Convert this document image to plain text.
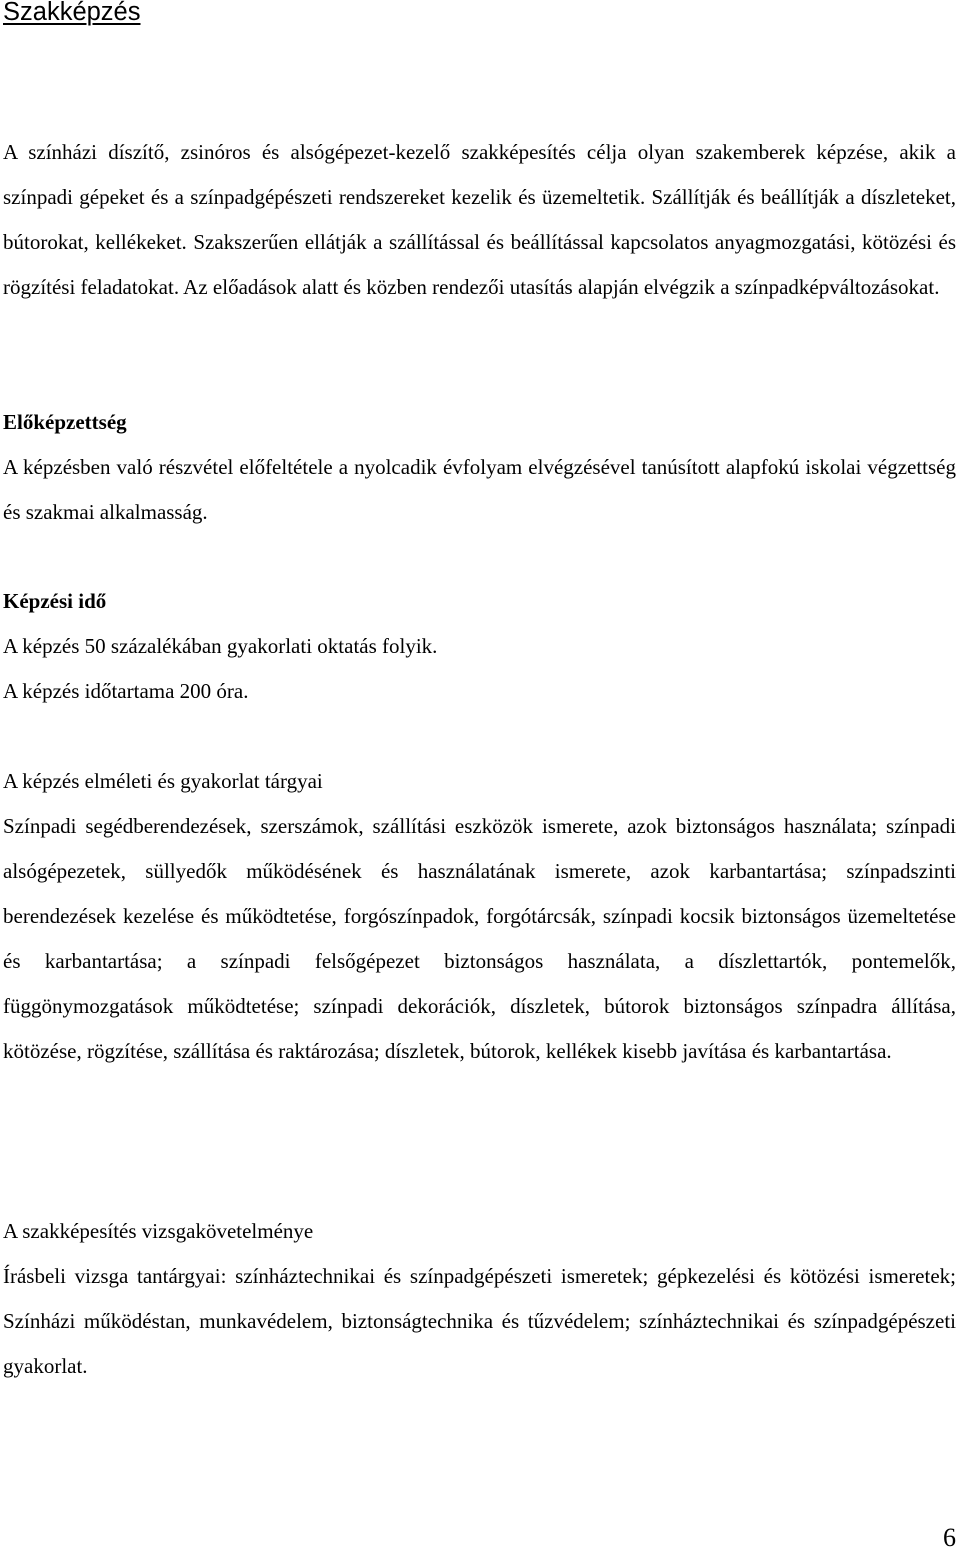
Szakképzés

A színházi díszítő, zsinóros és alsógépezet-kezelő szakképesítés célja olyan szakemberek képzése, akik a színpadi gépeket és a színpadgépészeti rendszereket kezelik és üzemeltetik. Szállítják és beállítják a díszleteket, bútorokat, kellékeket. Szakszerűen ellátják a szállítással és beállítással kapcsolatos anyagmozgatási, kötözési és rögzítési feladatokat. Az előadások alatt és közben rendezői utasítás alapján elvégzik a színpadképváltozásokat.

Előképzettség

A képzésben való részvétel előfeltétele a nyolcadik évfolyam elvégzésével tanúsított alapfokú iskolai végzettség és szakmai alkalmasság.

Képzési idő

A képzés 50 százalékában gyakorlati oktatás folyik.

A képzés időtartama 200 óra.

A képzés elméleti és gyakorlat tárgyai

Színpadi segédberendezések, szerszámok, szállítási eszközök ismerete, azok biztonságos használata; színpadi alsógépezetek, süllyedők működésének és használatának ismerete, azok karbantartása; színpadszinti berendezések kezelése és működtetése, forgószínpadok, forgótárcsák, színpadi kocsik biztonságos üzemeltetése és karbantartása; a színpadi felsőgépezet biztonságos használata, a díszlettartók, pontemelők, függönymozgatások működtetése; színpadi dekorációk, díszletek, bútorok biztonságos színpadra állítása, kötözése, rögzítése, szállítása és raktározása; díszletek, bútorok, kellékek kisebb javítása és karbantartása.

A szakképesítés vizsgakövetelménye

Írásbeli vizsga tantárgyai: színháztechnikai és színpadgépészeti ismeretek; gépkezelési és kötözési ismeretek; Színházi működéstan, munkavédelem, biztonságtechnika és tűzvédelem; színháztechnikai és színpadgépészeti gyakorlat.

6
